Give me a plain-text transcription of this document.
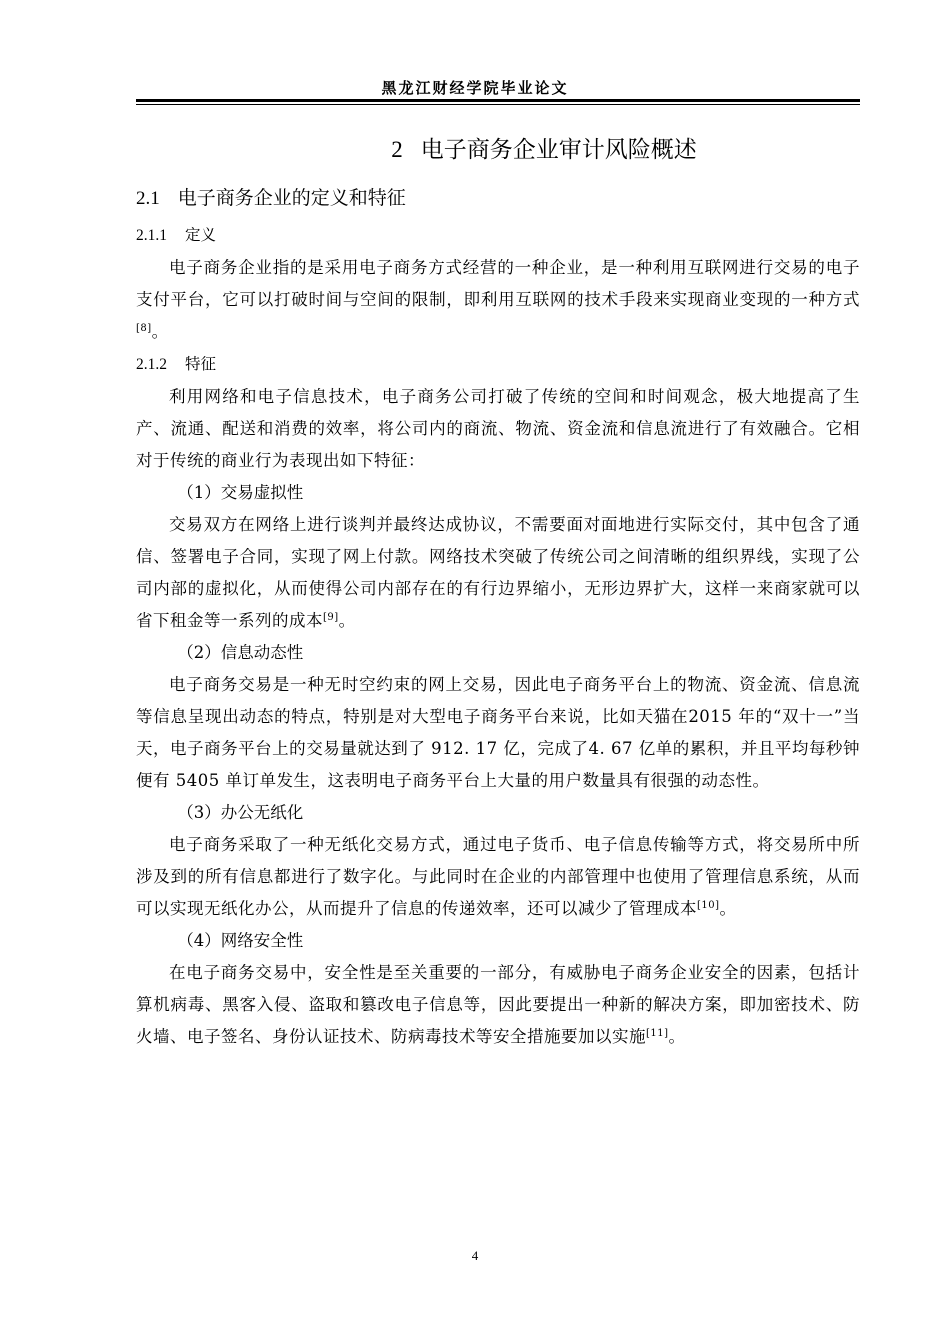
黑龙江财经学院毕业论文
2 电子商务企业审计风险概述
2.1 电子商务企业的定义和特征
2.1.1 定义

电子商务企业指的是采用电子商务方式经营的一种企业，是一种利用互联网进行交易的电子支付平台，它可以打破时间与空间的限制，即利用互联网的技术手段来实现商业变现的一种方式[8]。

2.1.2 特征

利用网络和电子信息技术，电子商务公司打破了传统的空间和时间观念，极大地提高了生产、流通、配送和消费的效率，将公司内的商流、物流、资金流和信息流进行了有效融合。它相对于传统的商业行为表现出如下特征：

（1）交易虚拟性

交易双方在网络上进行谈判并最终达成协议，不需要面对面地进行实际交付，其中包含了通信、签署电子合同，实现了网上付款。网络技术突破了传统公司之间清晰的组织界线，实现了公司内部的虚拟化，从而使得公司内部存在的有行边界缩小，无形边界扩大，这样一来商家就可以省下租金等一系列的成本[9]。

（2）信息动态性

电子商务交易是一种无时空约束的网上交易，因此电子商务平台上的物流、资金流、信息流等信息呈现出动态的特点，特别是对大型电子商务平台来说，比如天猫在2015 年的“双十一”当天，电子商务平台上的交易量就达到了 912. 17 亿，完成了4. 67 亿单的累积，并且平均每秒钟便有 5405 单订单发生，这表明电子商务平台上大量的用户数量具有很强的动态性。

（3）办公无纸化

电子商务采取了一种无纸化交易方式，通过电子货币、电子信息传输等方式，将交易所中所涉及到的所有信息都进行了数字化。与此同时在企业的内部管理中也使用了管理信息系统，从而可以实现无纸化办公，从而提升了信息的传递效率，还可以减少了管理成本[10]。

（4）网络安全性

在电子商务交易中，安全性是至关重要的一部分，有威胁电子商务企业安全的因素，包括计算机病毒、黑客入侵、盗取和篡改电子信息等，因此要提出一种新的解决方案，即加密技术、防火墙、电子签名、身份认证技术、防病毒技术等安全措施要加以实施[11]。

4
